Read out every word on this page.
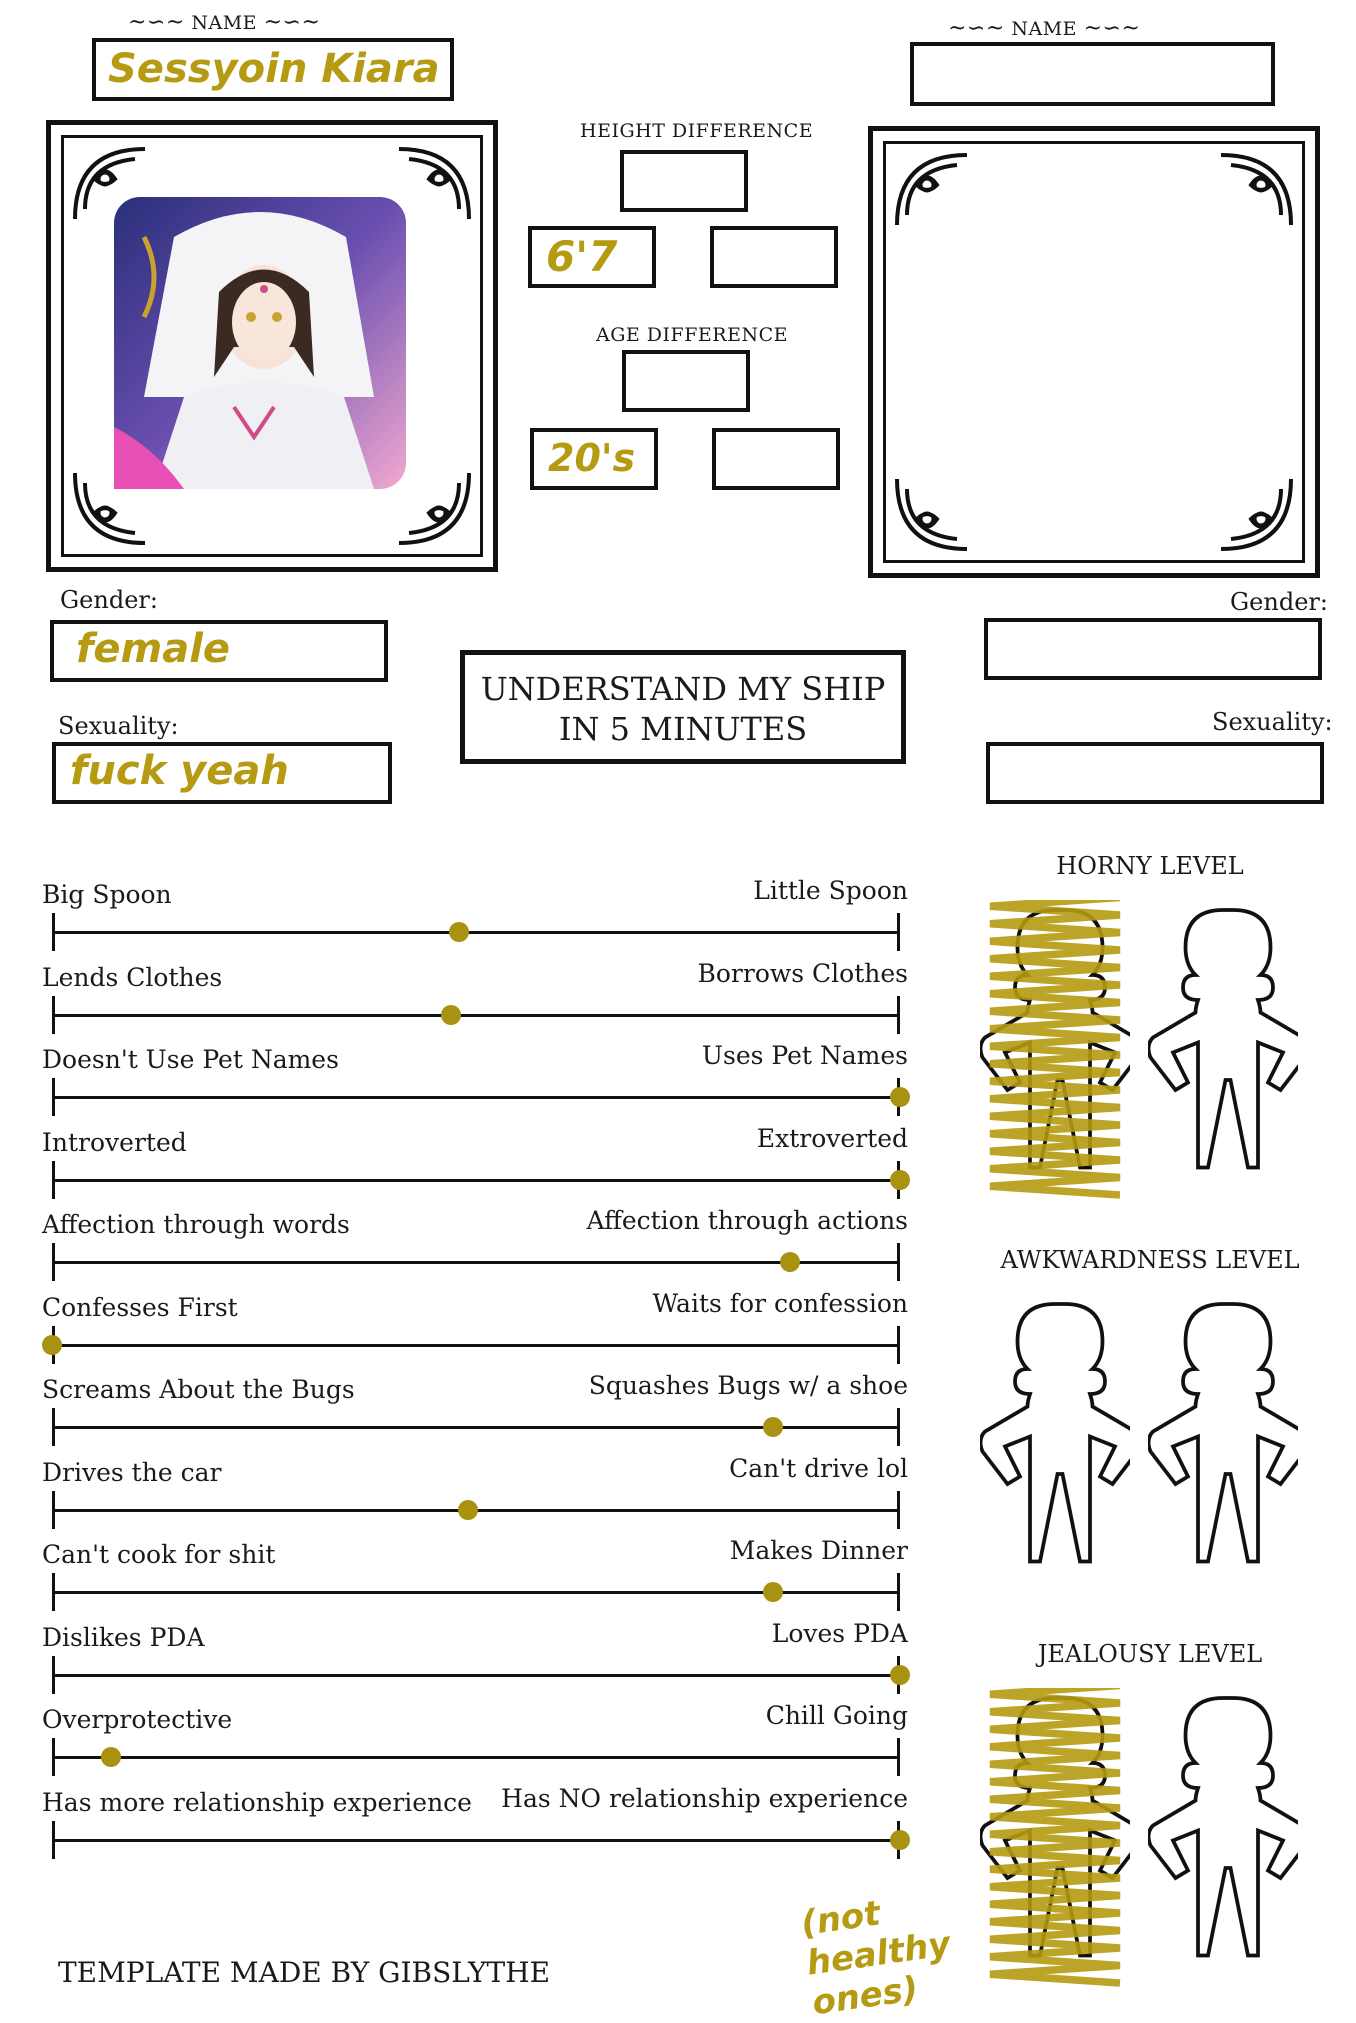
~∽~ NAME ~∽~
Sessyoin Kiara
~∽~ NAME ~∽~
HEIGHT DIFFERENCE
6'7
AGE DIFFERENCE
20's
Gender:
female
Sexuality:
fuck yeah
Gender:
Sexuality:
UNDERSTAND MY SHIP
IN 5 MINUTES
Big Spoon	Little Spoon
Lends Clothes	Borrows Clothes
Doesn't Use Pet Names	Uses Pet Names
Introverted	Extroverted
Affection through words	Affection through actions
Confesses First	Waits for confession
Screams About the Bugs	Squashes Bugs w/ a shoe
Drives the car	Can't drive lol
Can't cook for shit	Makes Dinner
Dislikes PDA	Loves PDA
Overprotective	Chill Going
Has more relationship experience Has NO relationship experience
HORNY LEVEL
AWKWARDNESS LEVEL
JEALOUSY LEVEL
(not healthy ones)
TEMPLATE MADE BY GIBSLYTHE
